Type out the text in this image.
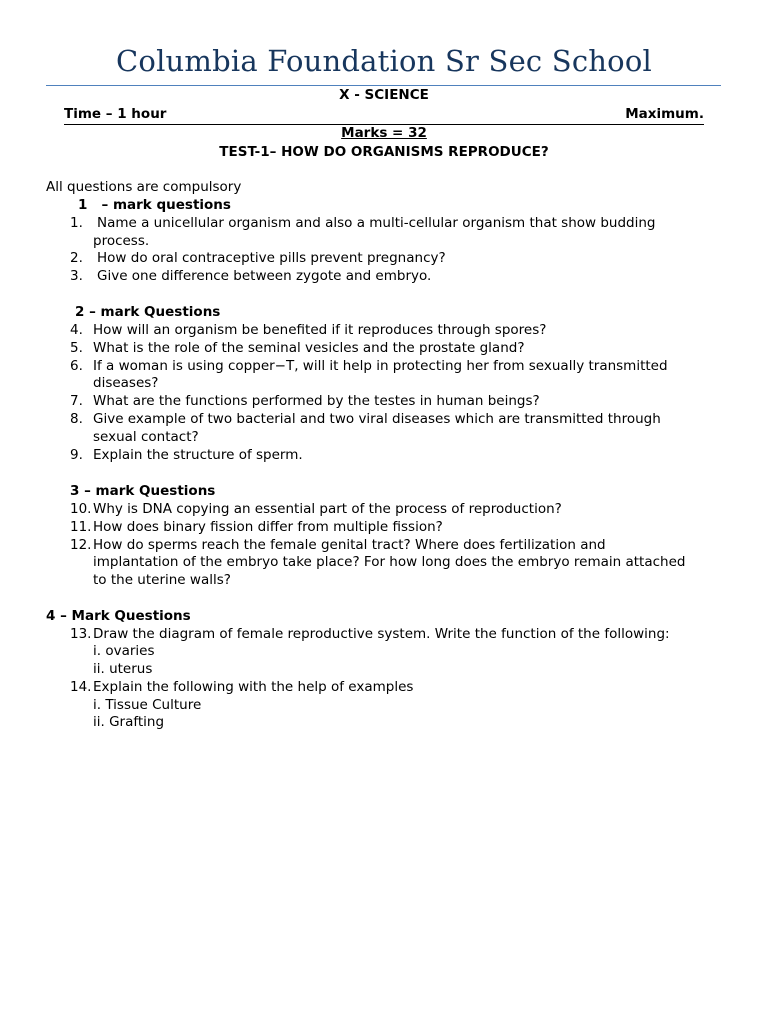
Columbia Foundation Sr Sec School
X - SCIENCE
Time – 1 hour	Maximum.
Marks = 32
TEST-1– HOW DO ORGANISMS REPRODUCE?
All questions are compulsory
1 – mark questions
1. Name a unicellular organism and also a multi-cellular organism that show budding
process.
2. How do oral contraceptive pills prevent pregnancy?
3. Give one difference between zygote and embryo.
2 – mark Questions
4. How will an organism be benefited if it reproduces through spores?
5. What is the role of the seminal vesicles and the prostate gland?
6. If a woman is using copper−T, will it help in protecting her from sexually transmitted
diseases?
7. What are the functions performed by the testes in human beings?
8. Give example of two bacterial and two viral diseases which are transmitted through
sexual contact?
9. Explain the structure of sperm.
3 – mark Questions
10. Why is DNA copying an essential part of the process of reproduction?
11. How does binary fission differ from multiple fission?
12. How do sperms reach the female genital tract? Where does fertilization and
implantation of the embryo take place? For how long does the embryo remain attached
to the uterine walls?
4 – Mark Questions
13. Draw the diagram of female reproductive system. Write the function of the following:
i. ovaries
ii. uterus
14. Explain the following with the help of examples
i. Tissue Culture
ii. Grafting
